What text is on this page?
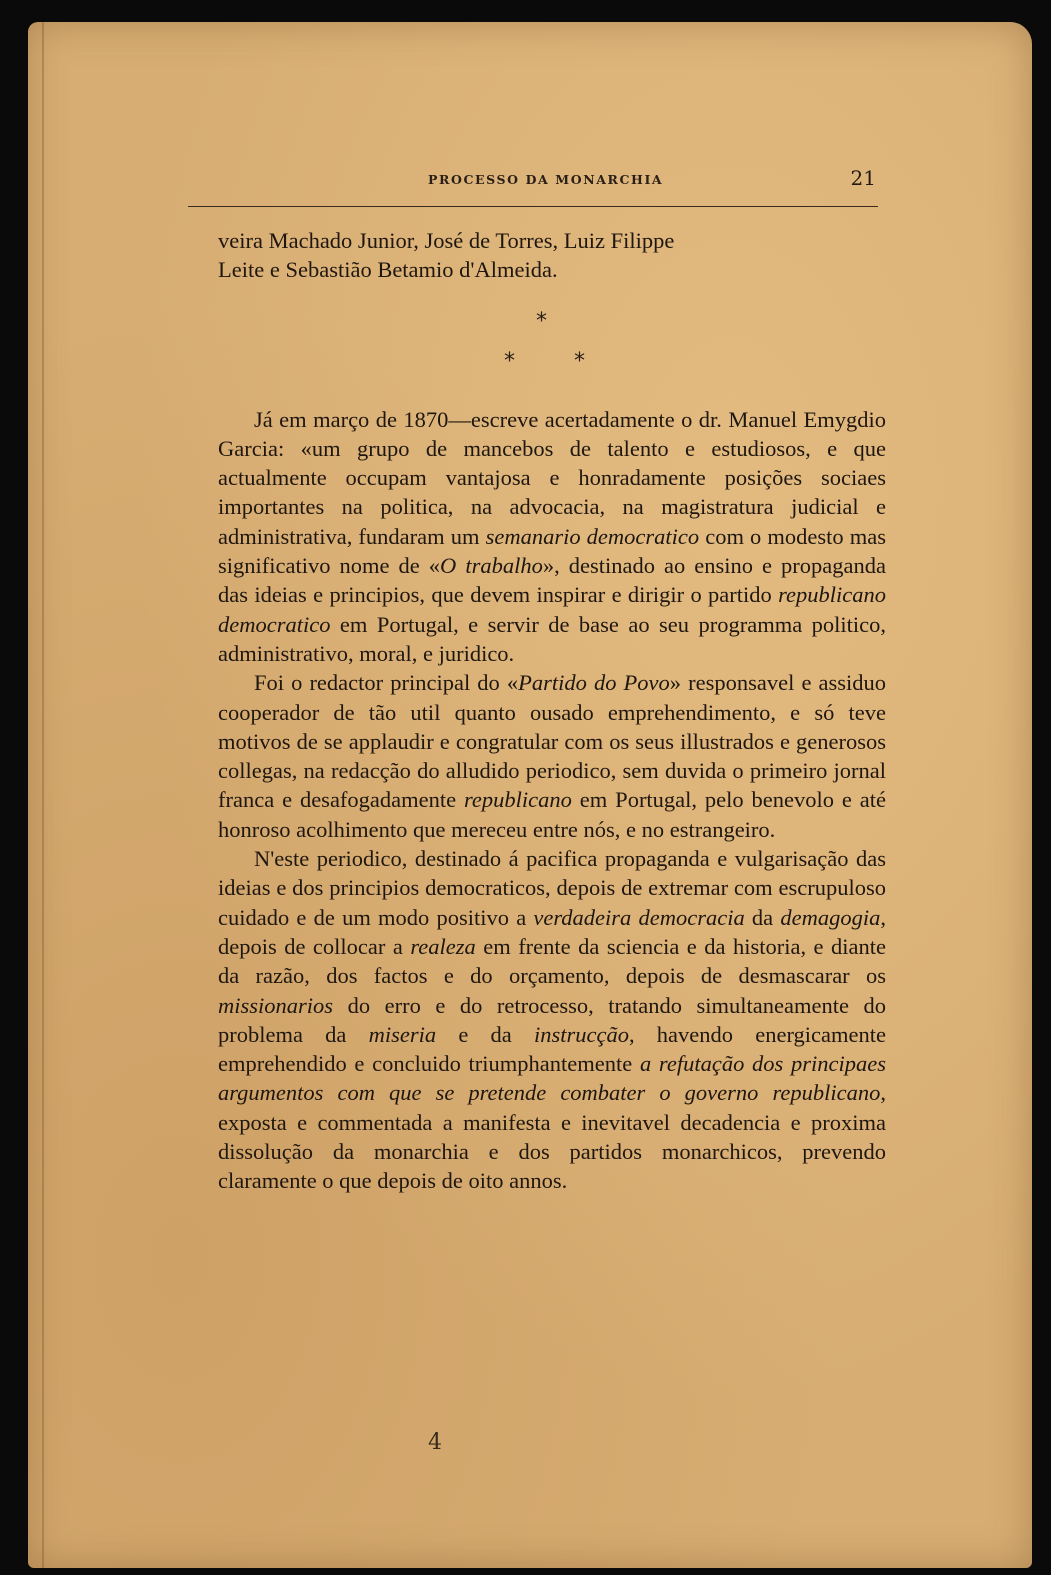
PROCESSO DA MONARCHIA	21

veira Machado Junior, José de Torres, Luiz Filippe
Leite e Sebastião Betamio d'Almeida.

*
*	*

Já em março de 1870—escreve acertadamente o dr. Manuel Emygdio Garcia: «um grupo de mancebos de talento e estudiosos, e que actualmente occupam vantajosa e honradamente posições sociaes importantes na politica, na advocacia, na magistratura judicial e administrativa, fundaram um semanario democratico com o modesto mas significativo nome de «O trabalho», destinado ao ensino e propaganda das ideias e principios, que devem inspirar e dirigir o partido republicano democratico em Portugal, e servir de base ao seu programma politico, administrativo, moral, e juridico.

Foi o redactor principal do «Partido do Povo» responsavel e assiduo cooperador de tão util quanto ousado emprehendimento, e só teve motivos de se applaudir e congratular com os seus illustrados e generosos collegas, na redacção do alludido periodico, sem duvida o primeiro jornal franca e desafogadamente republicano em Portugal, pelo benevolo e até honroso acolhimento que mereceu entre nós, e no estrangeiro.

N'este periodico, destinado á pacifica propaganda e vulgarisação das ideias e dos principios democraticos, depois de extremar com escrupuloso cuidado e de um modo positivo a verdadeira democracia da demagogia, depois de collocar a realeza em frente da sciencia e da historia, e diante da razão, dos factos e do orçamento, depois de desmascarar os missionarios do erro e do retrocesso, tratando simultaneamente do problema da miseria e da instrucção, havendo energicamente emprehendido e concluido triumphantemente a refutação dos principaes argumentos com que se pretende combater o governo republicano, exposta e commentada a manifesta e inevitavel decadencia e proxima dissolução da monarchia e dos partidos monarchicos, prevendo claramente o que depois de oito annos.

4
